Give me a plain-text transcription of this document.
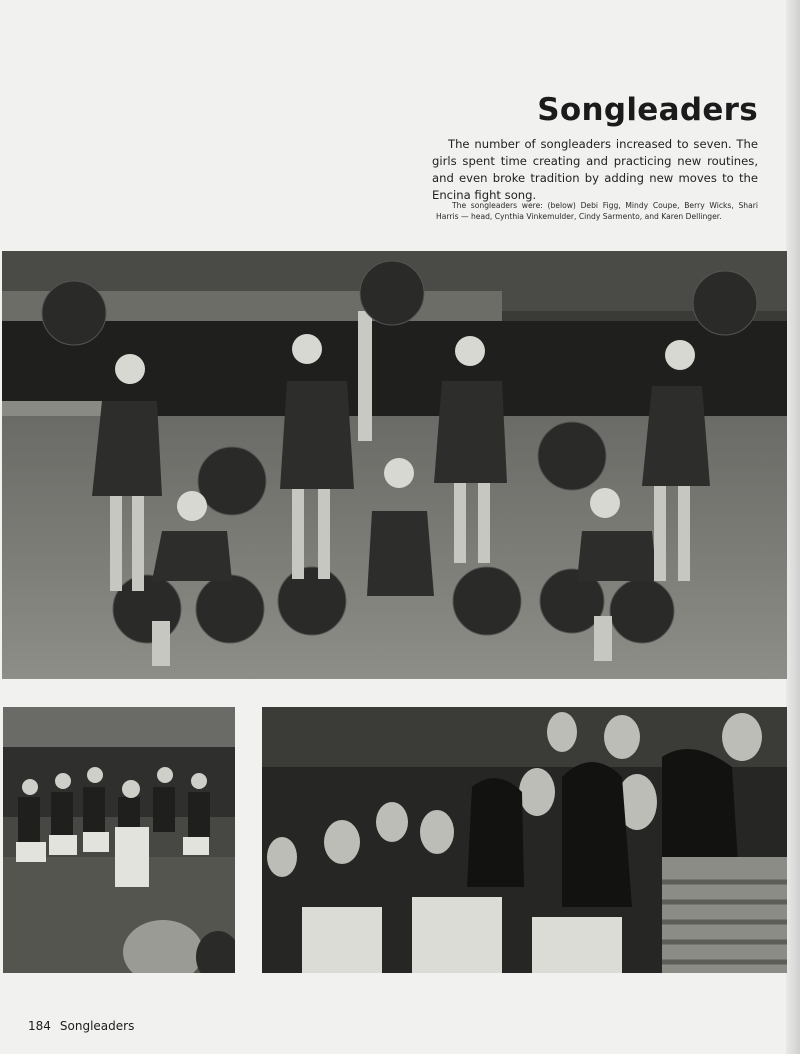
Songleaders
The number of songleaders increased to seven. The girls spent time creating and practicing new routines, and even broke tradition by adding new moves to the Encina fight song.
The songleaders were: (below) Debi Figg, Mindy Coupe, Berry Wicks, Shari Harris — head, Cynthia Vinkemulder, Cindy Sarmento, and Karen Dellinger.
184 Songleaders
